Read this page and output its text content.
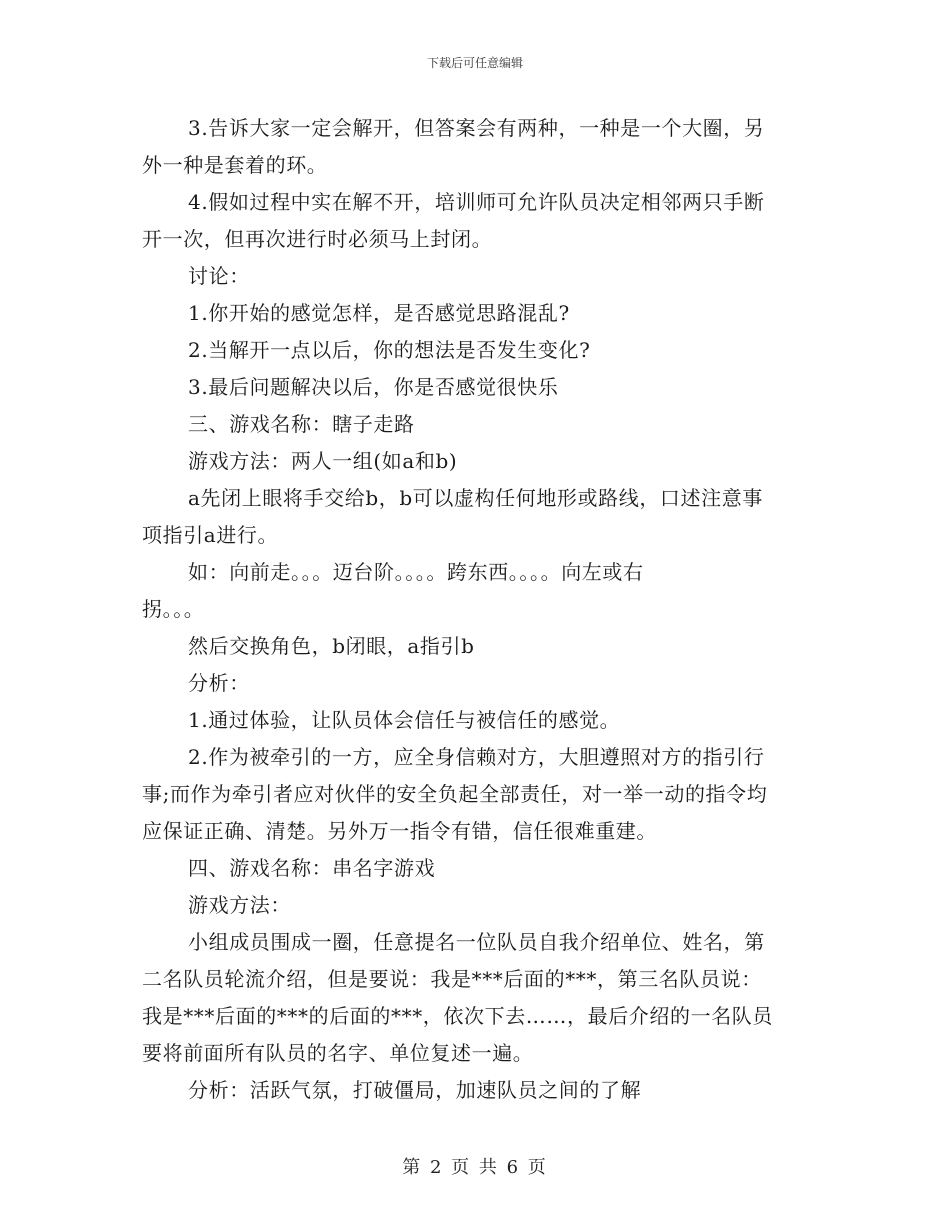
下载后可任意编辑
3.告诉大家一定会解开，但答案会有两种，一种是一个大圈，另
外一种是套着的环。
4.假如过程中实在解不开，培训师可允许队员决定相邻两只手断
开一次，但再次进行时必须马上封闭。
讨论：
1.你开始的感觉怎样，是否感觉思路混乱?
2.当解开一点以后，你的想法是否发生变化?
3.最后问题解决以后，你是否感觉很快乐
三、游戏名称：瞎子走路
游戏方法：两人一组(如a和b)
a先闭上眼将手交给b，b可以虚构任何地形或路线，口述注意事
项指引a进行。
如：向前走。。。迈台阶。。。。跨东西。。。。向左或右
拐。。。
然后交换角色，b闭眼，a指引b
分析：
1.通过体验，让队员体会信任与被信任的感觉。
2.作为被牵引的一方，应全身信赖对方，大胆遵照对方的指引行
事;而作为牵引者应对伙伴的安全负起全部责任，对一举一动的指令均
应保证正确、清楚。另外万一指令有错，信任很难重建。
四、游戏名称：串名字游戏
游戏方法：
小组成员围成一圈，任意提名一位队员自我介绍单位、姓名，第
二名队员轮流介绍，但是要说：我是***后面的***，第三名队员说：
我是***后面的***的后面的***，依次下去……，最后介绍的一名队员
要将前面所有队员的名字、单位复述一遍。
分析：活跃气氛，打破僵局，加速队员之间的了解
第 2 页 共 6 页
